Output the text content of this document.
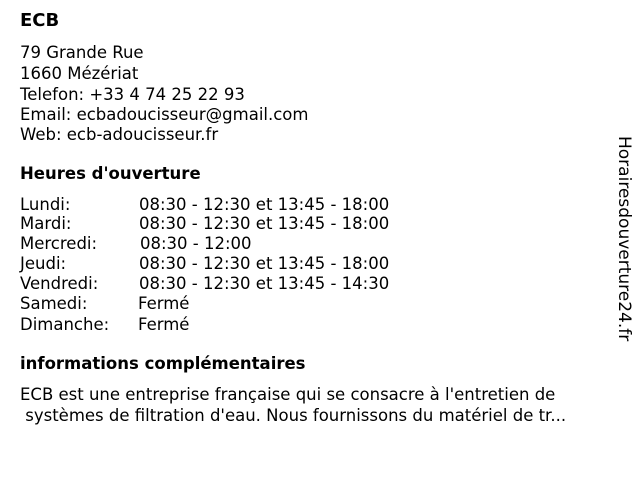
ECB
79 Grande Rue
1660 Mézériat
Telefon: +33 4 74 25 22 93
Email: ecbadoucisseur@gmail.com
Web: ecb-adoucisseur.fr
Heures d'ouverture
Lundi:	08:30 - 12:30 et 13:45 - 18:00
Mardi:	08:30 - 12:30 et 13:45 - 18:00
Mercredi:	08:30 - 12:00
Jeudi:	08:30 - 12:30 et 13:45 - 18:00
Vendredi: 08:30 - 12:30 et 13:45 - 14:30
Samedi:	Fermé
Dimanche: Fermé
informations complémentaires
ECB est une entreprise française qui se consacre à l'entretien de
systèmes de filtration d'eau. Nous fournissons du matériel de tr...
Horairesdouverture24.fr
